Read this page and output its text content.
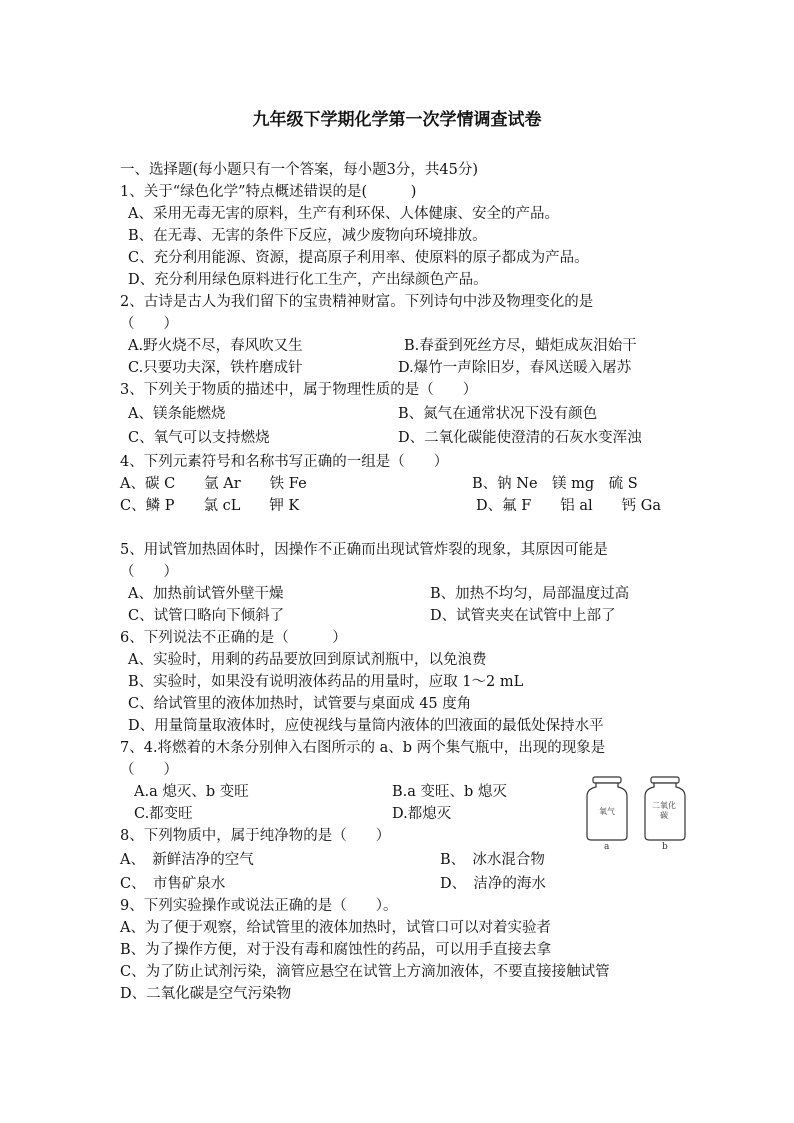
九年级下学期化学第一次学情调查试卷
一、选择题(每小题只有一个答案，每小题3分，共45分)
1、关于“绿色化学”特点概述错误的是(　　　)
A、采用无毒无害的原料，生产有利环保、人体健康、安全的产品。
B、在无毒、无害的条件下反应，减少废物向环境排放。
C、充分利用能源、资源，提高原子利用率、使原料的原子都成为产品。
D、充分利用绿色原料进行化工生产，产出绿颜色产品。
2、古诗是古人为我们留下的宝贵精神财富。下列诗句中涉及物理变化的是
（　　）
A.野火烧不尽，春风吹又生	B.春蚕到死丝方尽，蜡炬成灰泪始干
C.只要功夫深，铁杵磨成针	D.爆竹一声除旧岁，春风送暖入屠苏
3、下列关于物质的描述中，属于物理性质的是（　　）
A、镁条能燃烧	B、氮气在通常状况下没有颜色
C、氧气可以支持燃烧	D、二氧化碳能使澄清的石灰水变浑浊
4、下列元素符号和名称书写正确的一组是（　　）
A、碳 C　　氩 Ar　　铁 Fe	B、钠 Ne　镁 mg　硫 S
C、鳞 P　　氯 cL　　钾 K	D、氟 F　　铝 al　　钙 Ga
5、用试管加热固体时，因操作不正确而出现试管炸裂的现象，其原因可能是
（　　）
A、加热前试管外壁干燥	B、加热不均匀，局部温度过高
C、试管口略向下倾斜了	D、试管夹夹在试管中上部了
6、下列说法不正确的是（　　　）
A、实验时，用剩的药品要放回到原试剂瓶中，以免浪费
B、实验时，如果没有说明液体药品的用量时，应取 1～2 mL
C、给试管里的液体加热时，试管要与桌面成 45 度角
D、用量筒量取液体时，应使视线与量筒内液体的凹液面的最低处保持水平
7、4.将燃着的木条分别伸入右图所示的 a、b 两个集气瓶中，出现的现象是
（　　）
A.a 熄灭、b 变旺	B.a 变旺、b 熄灭
C.都变旺	D.都熄灭	氧气
a
二氧化碳
b
8、下列物质中，属于纯净物的是（　　）
A、　新鲜洁净的空气	B、　冰水混合物
C、　市售矿泉水	D、　洁净的海水
9、下列实验操作或说法正确的是（　　）。
A、为了便于观察，给试管里的液体加热时，试管口可以对着实验者
B、为了操作方便，对于没有毒和腐蚀性的药品，可以用手直接去拿
C、为了防止试剂污染，滴管应悬空在试管上方滴加液体，不要直接接触试管
D、二氧化碳是空气污染物
